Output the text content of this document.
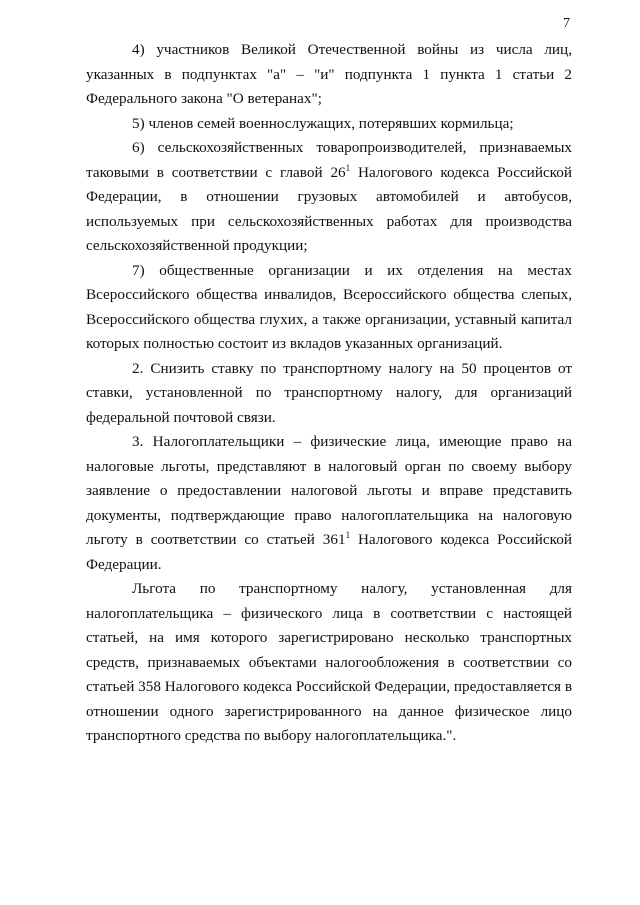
7

4) участников Великой Отечественной войны из числа лиц, указанных в подпунктах "а" – "и" подпункта 1 пункта 1 статьи 2 Федерального закона "О ветеранах";

5) членов семей военнослужащих, потерявших кормильца;

6) сельскохозяйственных товаропроизводителей, признаваемых таковыми в соответствии с главой $26^1$ Налогового кодекса Российской Федерации, в отношении грузовых автомобилей и автобусов, используемых при сельскохозяйственных работах для производства сельскохозяйственной продукции;

7) общественные организации и их отделения на местах Всероссийского общества инвалидов, Всероссийского общества слепых, Всероссийского общества глухих, а также организации, уставный капитал которых полностью состоит из вкладов указанных организаций.

2. Снизить ставку по транспортному налогу на 50 процентов от ставки, установленной по транспортному налогу, для организаций федеральной почтовой связи.

3. Налогоплательщики – физические лица, имеющие право на налоговые льготы, представляют в налоговый орган по своему выбору заявление о предоставлении налоговой льготы и вправе представить документы, подтверждающие право налогоплательщика на налоговую льготу в соответствии со статьей $361^1$ Налогового кодекса Российской Федерации.

Льгота по транспортному налогу, установленная для налогоплательщика – физического лица в соответствии с настоящей статьей, на имя которого зарегистрировано несколько транспортных средств, признаваемых объектами налогообложения в соответствии со статьей 358 Налогового кодекса Российской Федерации, предоставляется в отношении одного зарегистрированного на данное физическое лицо транспортного средства по выбору налогоплательщика.".
